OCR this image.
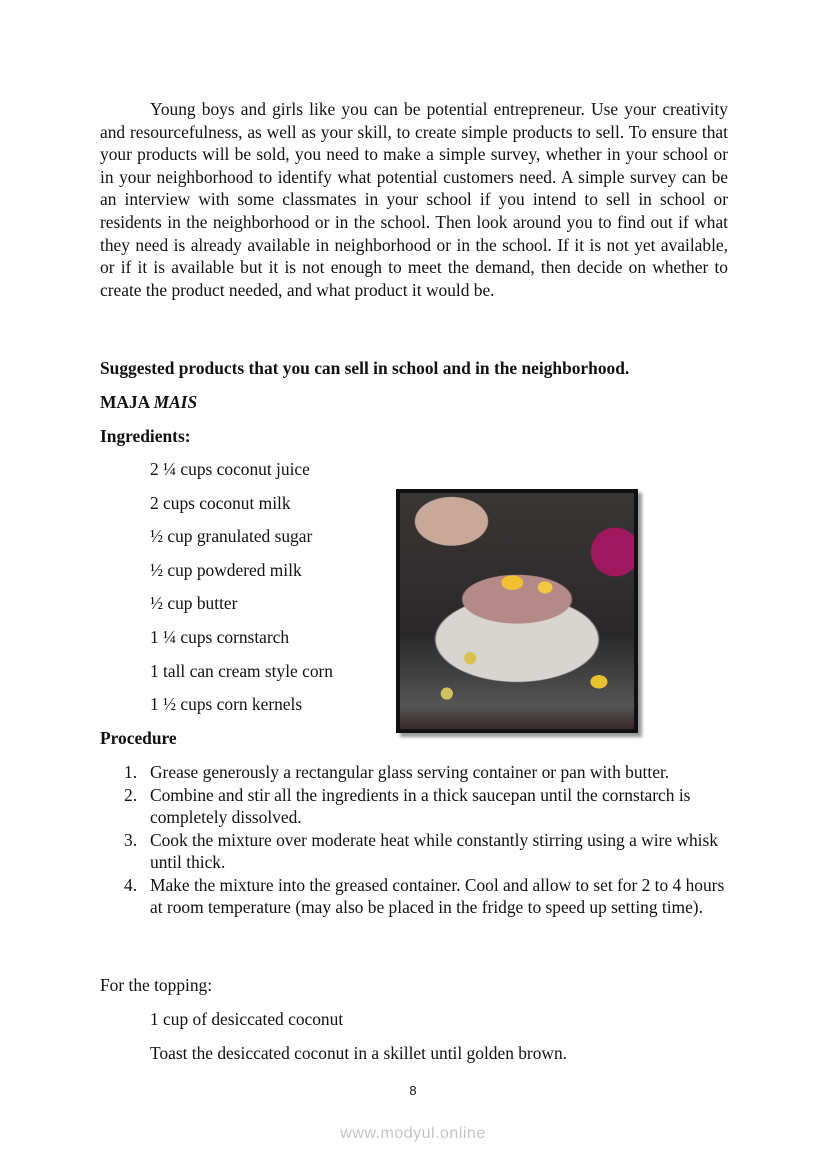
Young boys and girls like you can be potential entrepreneur. Use your creativity and resourcefulness, as well as your skill, to create simple products to sell. To ensure that your products will be sold, you need to make a simple survey, whether in your school or in your neighborhood to identify what potential customers need. A simple survey can be an interview with some classmates in your school if you intend to sell in school or residents in the neighborhood or in the school. Then look around you to find out if what they need is already available in neighborhood or in the school. If it is not yet available, or if it is available but it is not enough to meet the demand, then decide on whether to create the product needed, and what product it would be.

Suggested products that you can sell in school and in the neighborhood.
MAJA MAIS
Ingredients:
2 ¼ cups coconut juice
2 cups coconut milk
½ cup granulated sugar
½ cup powdered milk
½ cup butter
1 ¼ cups cornstarch
1 tall can cream style corn
1 ½ cups corn kernels
Procedure
1. Grease generously a rectangular glass serving container or pan with butter.
2. Combine and stir all the ingredients in a thick saucepan until the cornstarch is completely dissolved.
3. Cook the mixture over moderate heat while constantly stirring using a wire whisk until thick.
4. Make the mixture into the greased container. Cool and allow to set for 2 to 4 hours at room temperature (may also be placed in the fridge to speed up setting time).
For the topping:
1 cup of desiccated coconut
Toast the desiccated coconut in a skillet until golden brown.
8
www.modyul.online
